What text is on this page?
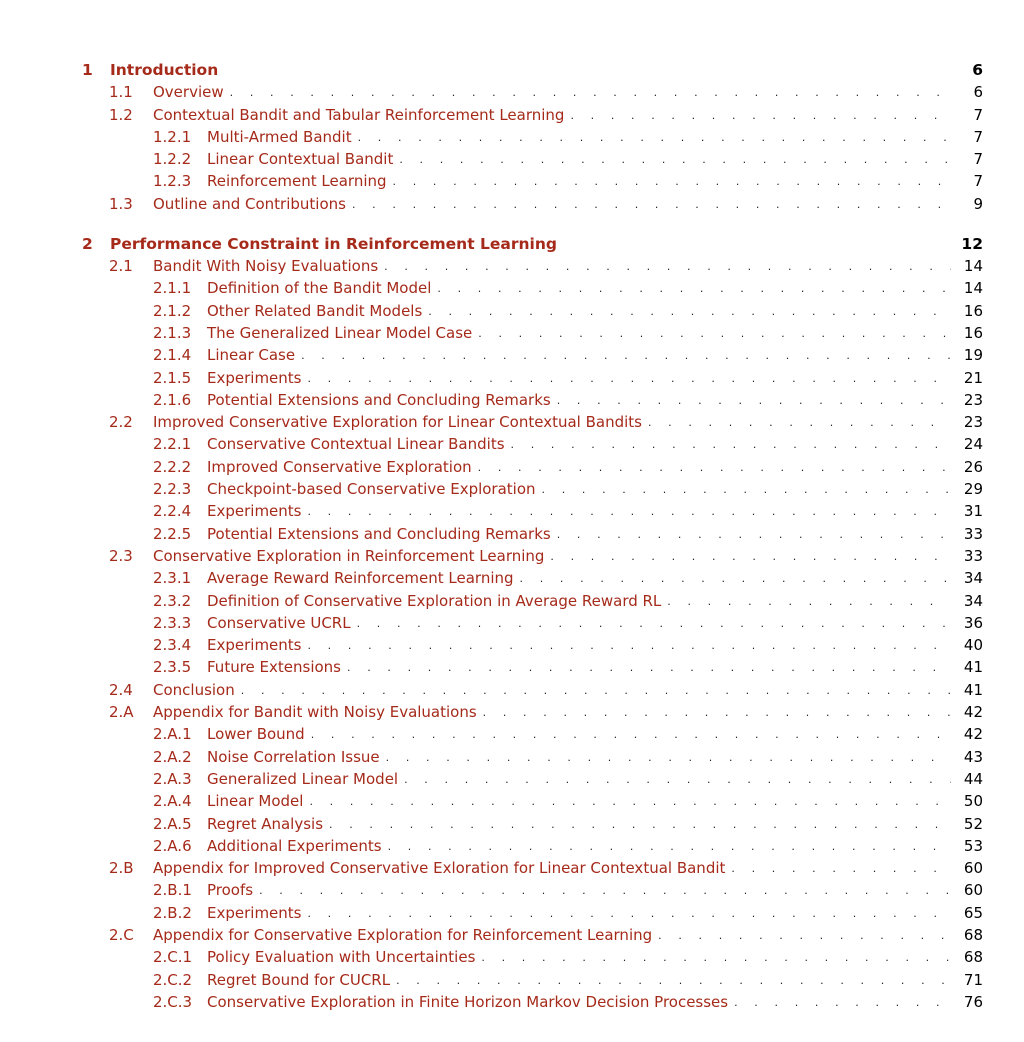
1	Introduction	6
1.1	Overview . . .	6
1.2	Contextual Bandit and Tabular Reinforcement Learning . . .	7
1.2.1	Multi-Armed Bandit . . .	7
1.2.2	Linear Contextual Bandit . . .	7
1.2.3	Reinforcement Learning . . .	7
1.3	Outline and Contributions . . .	9
2	Performance Constraint in Reinforcement Learning	12
2.1	Bandit With Noisy Evaluations . . .	14
2.1.1	Definition of the Bandit Model . . .	14
2.1.2	Other Related Bandit Models . . .	16
2.1.3	The Generalized Linear Model Case . . .	16
2.1.4	Linear Case . . .	19
2.1.5	Experiments . . .	21
2.1.6	Potential Extensions and Concluding Remarks . . .	23
2.2	Improved Conservative Exploration for Linear Contextual Bandits . . .	23
2.2.1	Conservative Contextual Linear Bandits . . .	24
2.2.2	Improved Conservative Exploration . . .	26
2.2.3	Checkpoint-based Conservative Exploration . . .	29
2.2.4	Experiments . . .	31
2.2.5	Potential Extensions and Concluding Remarks . . .	33
2.3	Conservative Exploration in Reinforcement Learning . . .	33
2.3.1	Average Reward Reinforcement Learning . . .	34
2.3.2	Definition of Conservative Exploration in Average Reward RL . . .	34
2.3.3	Conservative UCRL . . .	36
2.3.4	Experiments . . .	40
2.3.5	Future Extensions . . .	41
2.4	Conclusion . . .	41
2.A	Appendix for Bandit with Noisy Evaluations . . .	42
2.A.1	Lower Bound . . .	42
2.A.2	Noise Correlation Issue . . .	43
2.A.3	Generalized Linear Model . . .	44
2.A.4	Linear Model . . .	50
2.A.5	Regret Analysis . . .	52
2.A.6	Additional Experiments . . .	53
2.B	Appendix for Improved Conservative Exloration for Linear Contextual Bandit . . .	60
2.B.1	Proofs . . .	60
2.B.2	Experiments . . .	65
2.C	Appendix for Conservative Exploration for Reinforcement Learning . . .	68
2.C.1 Policy Evaluation with Uncertainties . . .	68
2.C.2 Regret Bound for CUCRL . . .	71
2.C.3 Conservative Exploration in Finite Horizon Markov Decision Processes . . .	76
